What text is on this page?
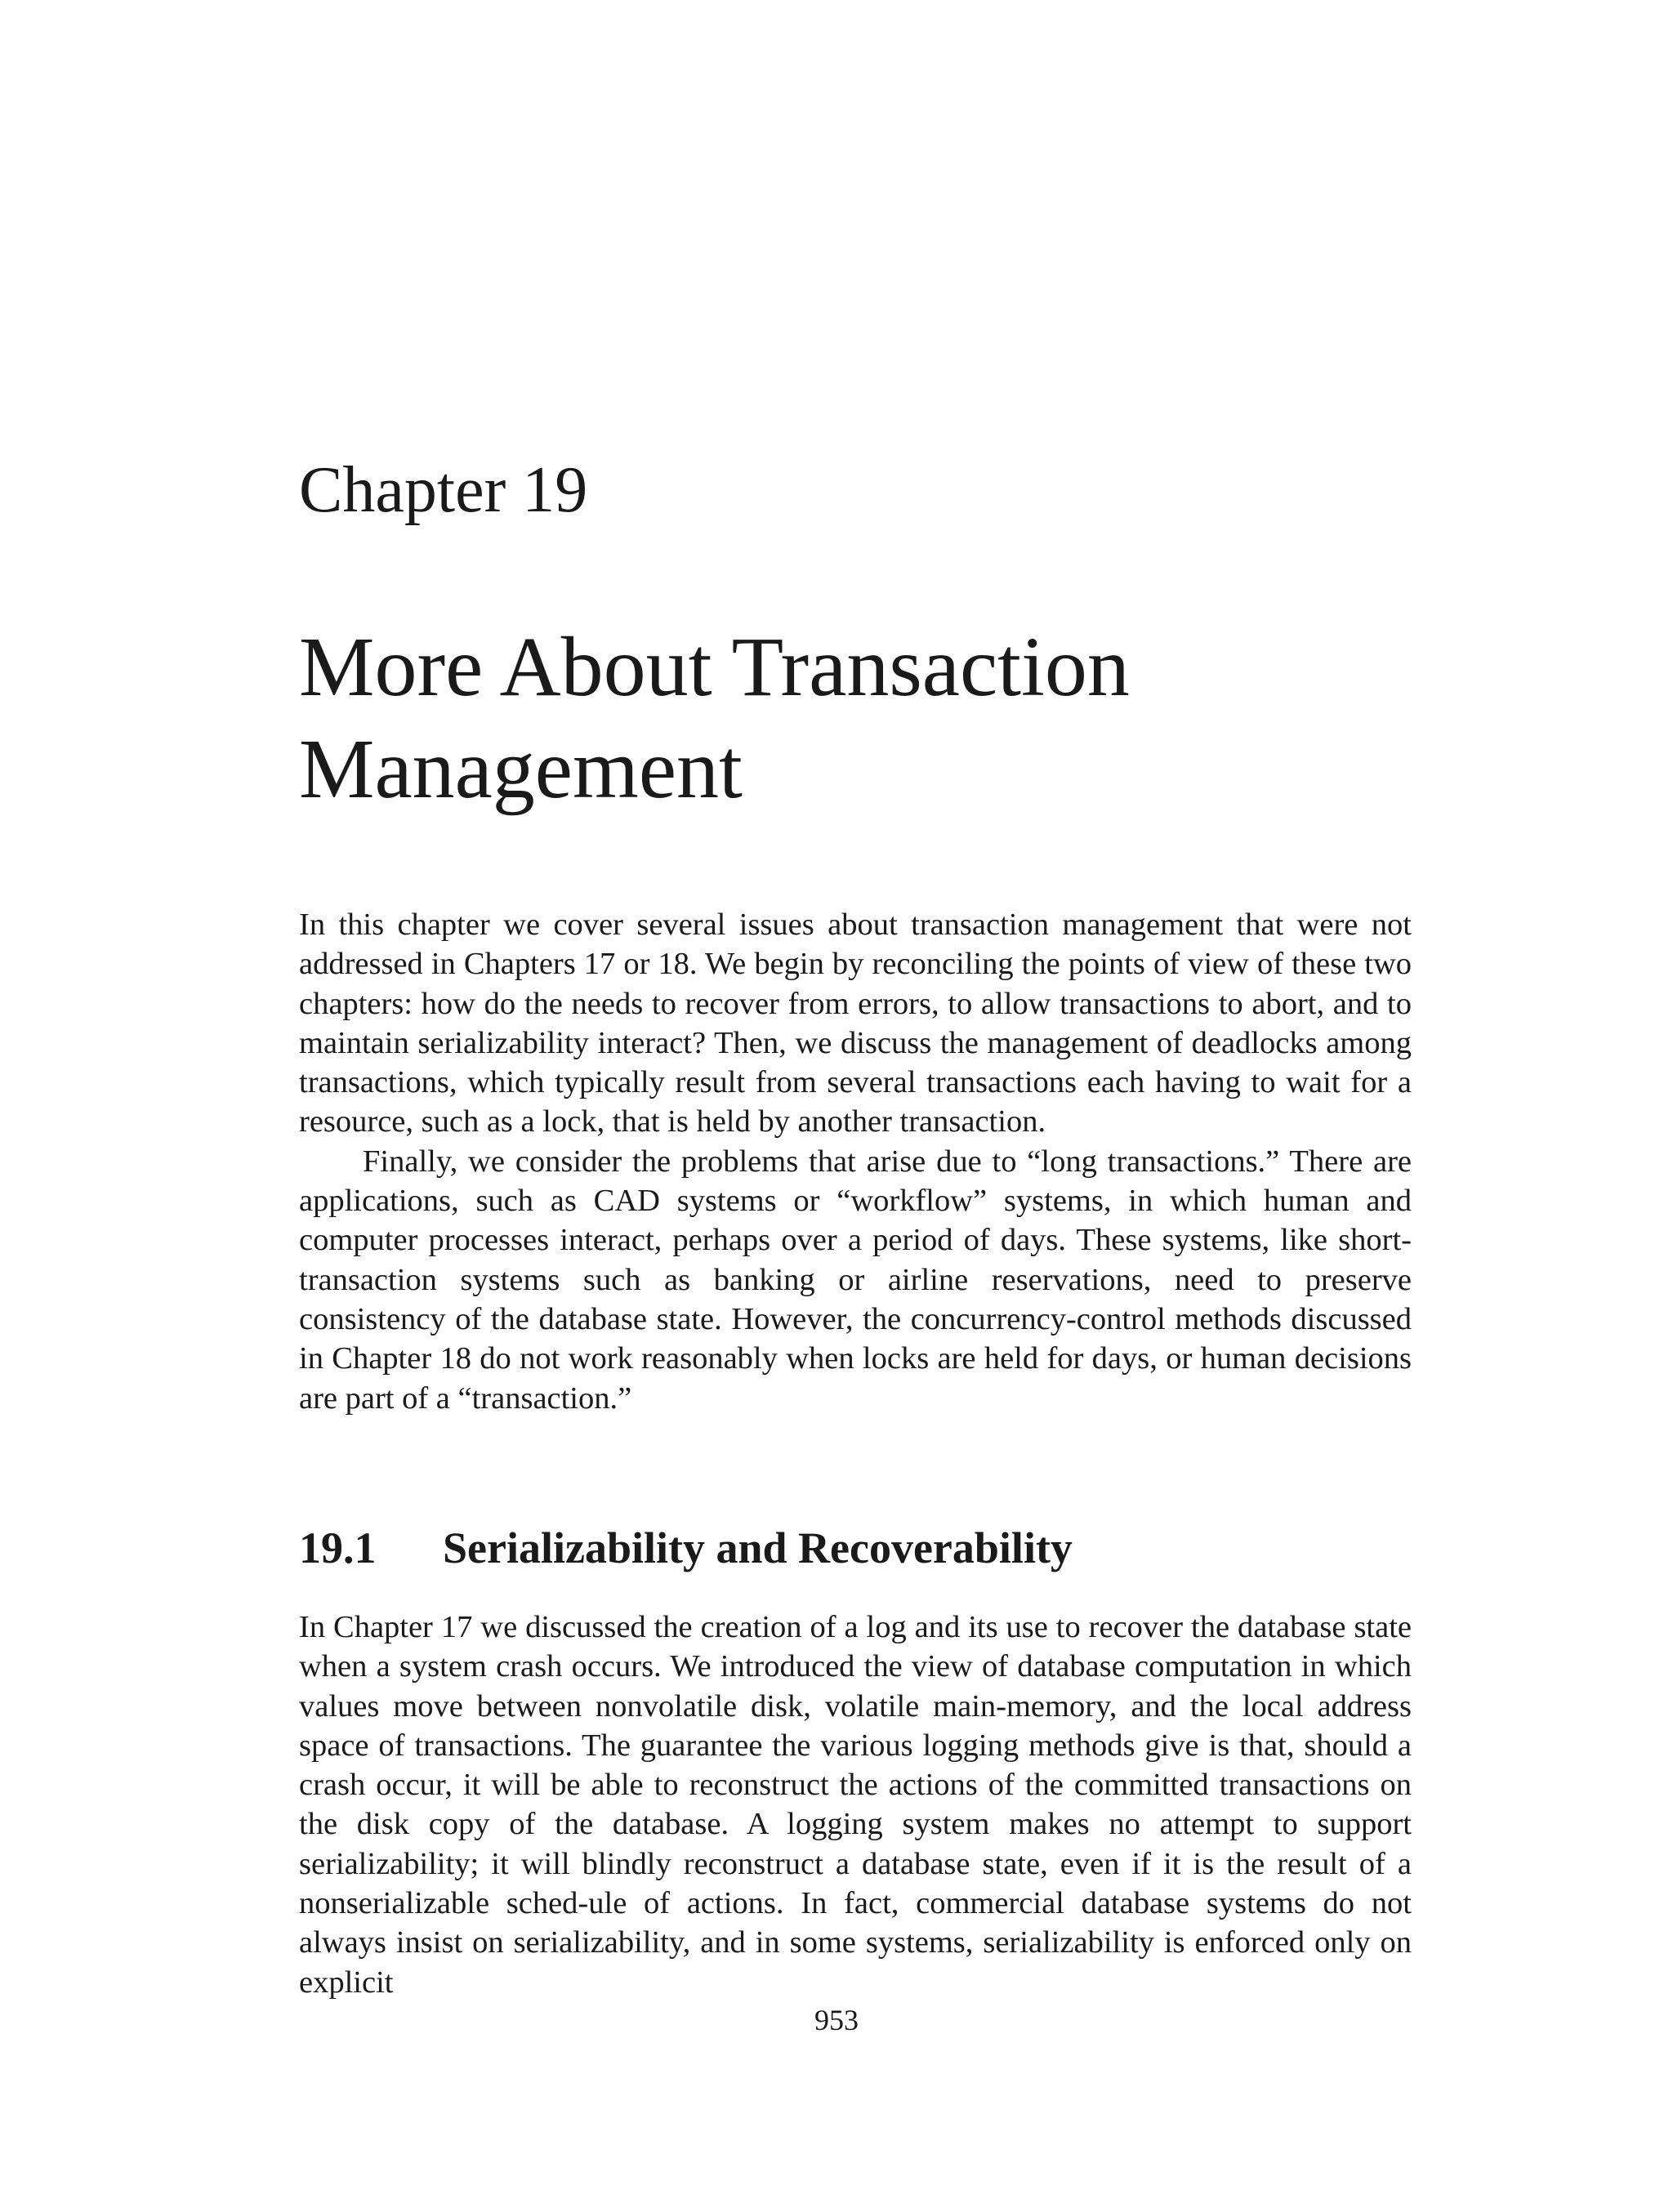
Chapter 19
More About Transaction
Management

In this chapter we cover several issues about transaction management that were not addressed in Chapters 17 or 18. We begin by reconciling the points of view of these two chapters: how do the needs to recover from errors, to allow transactions to abort, and to maintain serializability interact? Then, we discuss the management of deadlocks among transactions, which typically result from several transactions each having to wait for a resource, such as a lock, that is held by another transaction.

Finally, we consider the problems that arise due to “long transactions.” There are applications, such as CAD systems or “workflow” systems, in which human and computer processes interact, perhaps over a period of days. These systems, like short-transaction systems such as banking or airline reservations, need to preserve consistency of the database state. However, the concurrency-control methods discussed in Chapter 18 do not work reasonably when locks are held for days, or human decisions are part of a “transaction.”

19.1 Serializability and Recoverability

In Chapter 17 we discussed the creation of a log and its use to recover the database state when a system crash occurs. We introduced the view of database computation in which values move between nonvolatile disk, volatile main-memory, and the local address space of transactions. The guarantee the various logging methods give is that, should a crash occur, it will be able to reconstruct the actions of the committed transactions on the disk copy of the database. A logging system makes no attempt to support serializability; it will blindly reconstruct a database state, even if it is the result of a nonserializable sched-ule of actions. In fact, commercial database systems do not always insist on serializability, and in some systems, serializability is enforced only on explicit

953
